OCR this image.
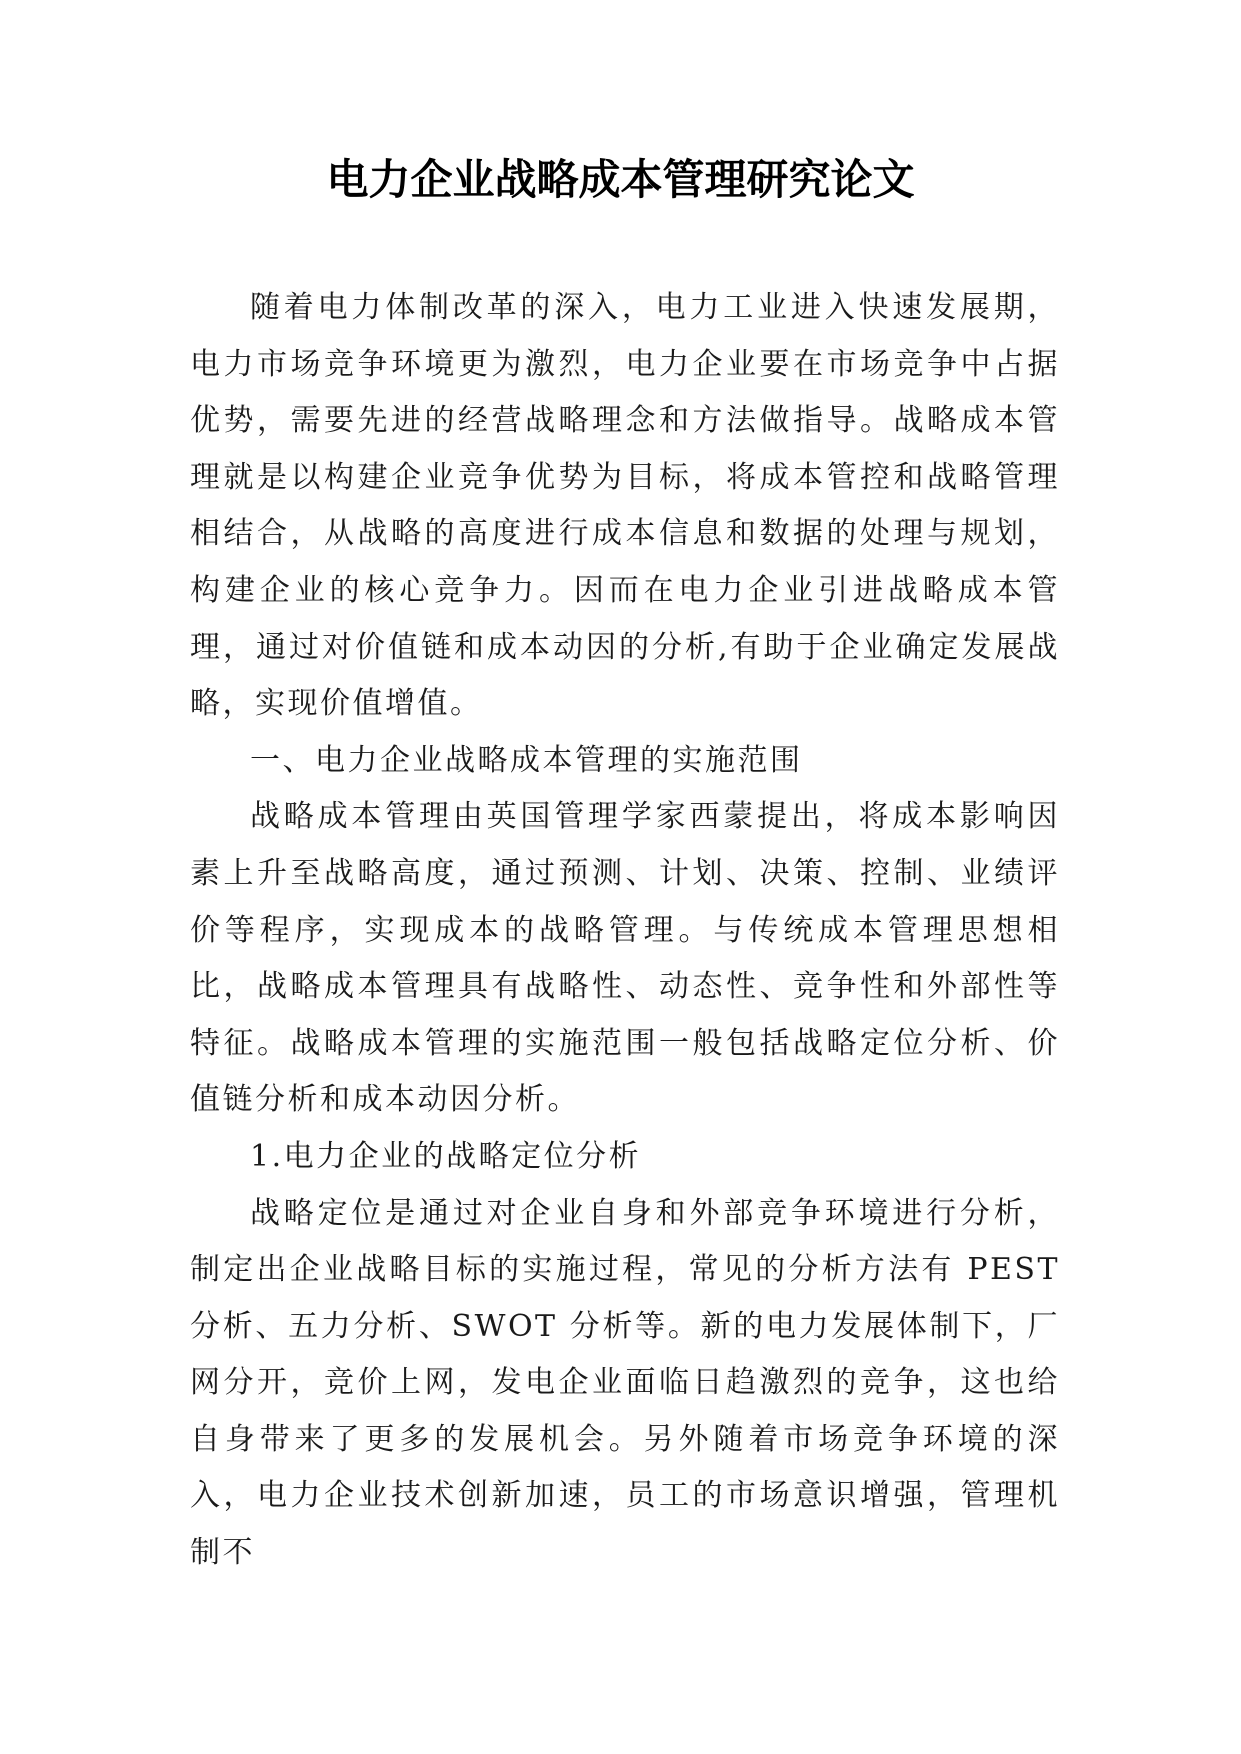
电力企业战略成本管理研究论文

随着电力体制改革的深入，电力工业进入快速发展期，电力市场竞争环境更为激烈，电力企业要在市场竞争中占据优势，需要先进的经营战略理念和方法做指导。战略成本管理就是以构建企业竞争优势为目标，将成本管控和战略管理相结合，从战略的高度进行成本信息和数据的处理与规划，构建企业的核心竞争力。因而在电力企业引进战略成本管理，通过对价值链和成本动因的分析,有助于企业确定发展战略，实现价值增值。

一、电力企业战略成本管理的实施范围

战略成本管理由英国管理学家西蒙提出，将成本影响因素上升至战略高度，通过预测、计划、决策、控制、业绩评价等程序，实现成本的战略管理。与传统成本管理思想相比，战略成本管理具有战略性、动态性、竞争性和外部性等特征。战略成本管理的实施范围一般包括战略定位分析、价值链分析和成本动因分析。

1.电力企业的战略定位分析

战略定位是通过对企业自身和外部竞争环境进行分析，制定出企业战略目标的实施过程，常见的分析方法有 PEST 分析、五力分析、SWOT 分析等。新的电力发展体制下，厂网分开，竞价上网，发电企业面临日趋激烈的竞争，这也给自身带来了更多的发展机会。另外随着市场竞争环境的深入，电力企业技术创新加速，员工的市场意识增强，管理机制不
